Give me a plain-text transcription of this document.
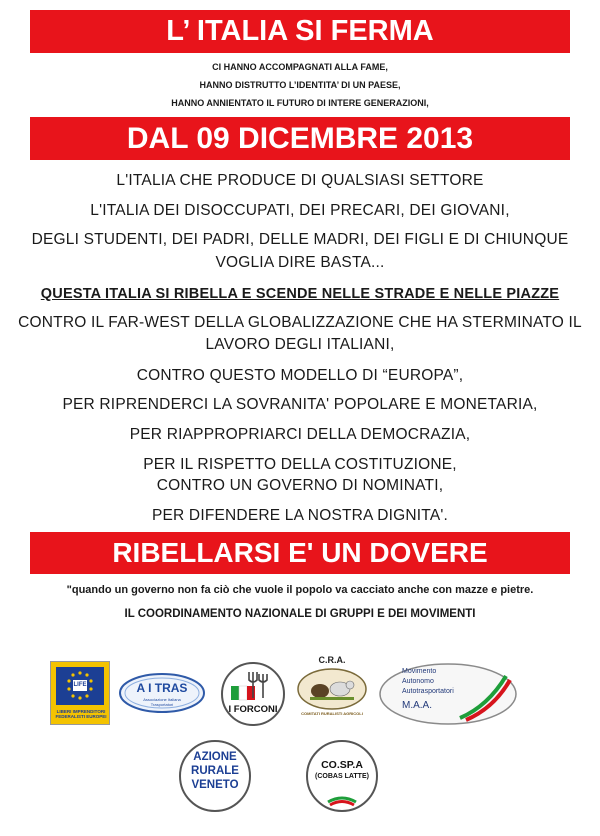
L’ ITALIA SI FERMA
CI HANNO ACCOMPAGNATI ALLA FAME,
HANNO DISTRUTTO L’IDENTITA’ DI UN PAESE,
HANNO ANNIENTATO IL FUTURO DI INTERE GENERAZIONI,
DAL 09 DICEMBRE 2013
L'ITALIA CHE PRODUCE DI QUALSIASI SETTORE
L'ITALIA DEI DISOCCUPATI, DEI PRECARI, DEI GIOVANI,
DEGLI STUDENTI, DEI PADRI, DELLE MADRI, DEI FIGLI E DI CHIUNQUE
VOGLIA DIRE BASTA...
QUESTA ITALIA SI RIBELLA E SCENDE NELLE STRADE E NELLE PIAZZE
CONTRO IL FAR-WEST DELLA GLOBALIZZAZIONE CHE HA STERMINATO IL
LAVORO DEGLI ITALIANI,
CONTRO QUESTO MODELLO DI “EUROPA”,
PER RIPRENDERCI LA SOVRANITA' POPOLARE E MONETARIA,
PER RIAPPROPRIARCI DELLA DEMOCRAZIA,
PER IL RISPETTO DELLA COSTITUZIONE,
CONTRO UN GOVERNO DI NOMINATI,
PER DIFENDERE LA NOSTRA DIGNITA'.
RIBELLARSI E' UN DOVERE
"quando un governo non fa ciò che vuole il popolo va cacciato anche con mazze e pietre.
IL COORDINAMENTO NAZIONALE DI GRUPPI E DEI MOVIMENTI
LIFE
LIBERI IMPRENDITORI FEDERALISTI EUROPEI
A I TRAS
Associazione Italiana Trasportatori	I FORCONI
C.R.A.
COMITATI RURALISTI AGRICOLI
Movimento
Autonomo
Autotrasportatori
M.A.A.
AZIONE
RURALE
VENETO
CO.SP.A
(COBAS LATTE)
